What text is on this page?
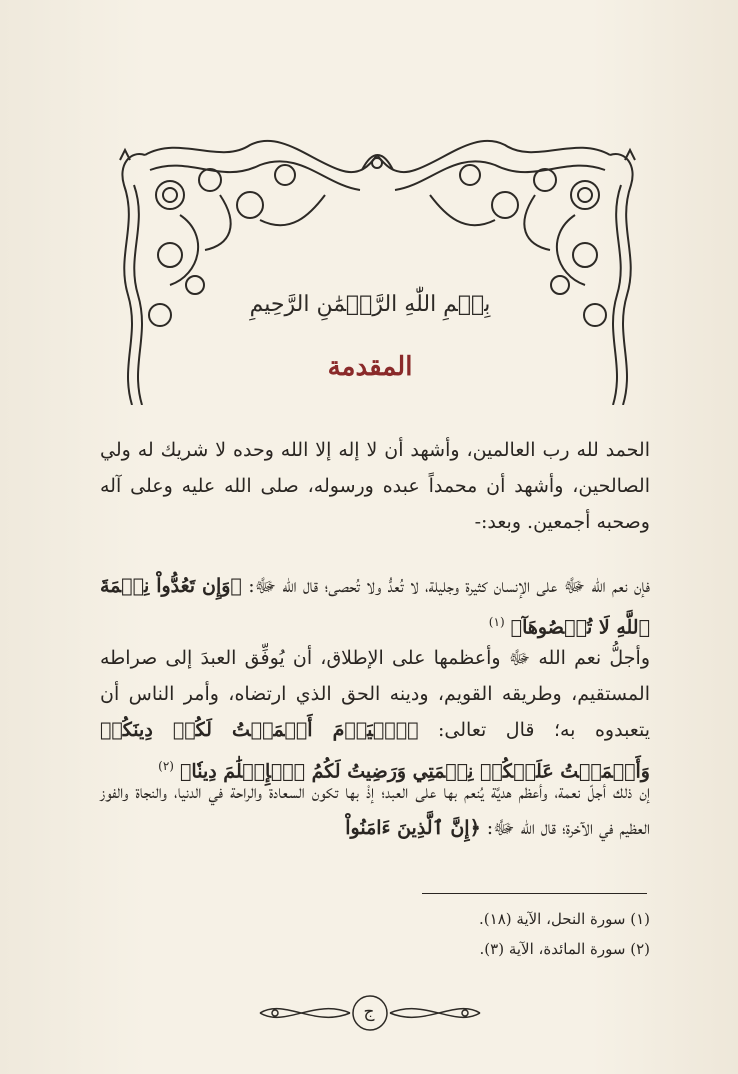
بِسۡمِ اللّٰهِ الرَّحۡمَٰنِ الرَّحِيمِ
المقدمة
الحمد لله رب العالمين، وأشهد أن لا إله إلا الله وحده لا شريك له ولي الصالحين، وأشهد أن محمداً عبده ورسوله، صلى الله عليه وعلى آله وصحبه أجمعين. وبعد:-
فإن نعم الله ﷻ على الإنسان كثيرة وجليلة، لا تُعدُّ ولا تُحصى؛ قال الله ﷻ: ﴿وَإِن تَعُدُّواْ نِعۡمَةَ ٱللَّهِ لَا تُحۡصُوهَآ﴾ $^{(١)}$
وأجلُّ نعم الله ﷻ وأعظمها على الإطلاق، أن يُوفِّق العبدَ إلى صراطه المستقيم، وطريقه القويم، ودينه الحق الذي ارتضاه، وأمر الناس أن يتعبدوه به؛ قال تعالى: ﴿ٱلۡيَوۡمَ أَكۡمَلۡتُ لَكُمۡ دِينَكُمۡ وَأَتۡمَمۡتُ عَلَيۡكُمۡ نِعۡمَتِي وَرَضِيتُ لَكُمُ ٱلۡإِسۡلَٰمَ دِينٗا﴾ $^{(٢)}$
إن ذلك أجلّ نعمة، وأعظم هديَّة يُنعم بها على العبد؛ إذْ بها تكون السعادة والراحة في الدنيا، والنجاة والفوز العظيم في الآخرة؛ قال الله ﷻ: ﴿إِنَّ ٱلَّذِينَ ءَامَنُواْ
(١) سورة النحل، الآية (١٨).
(٢) سورة المائدة، الآية (٣).
ج
